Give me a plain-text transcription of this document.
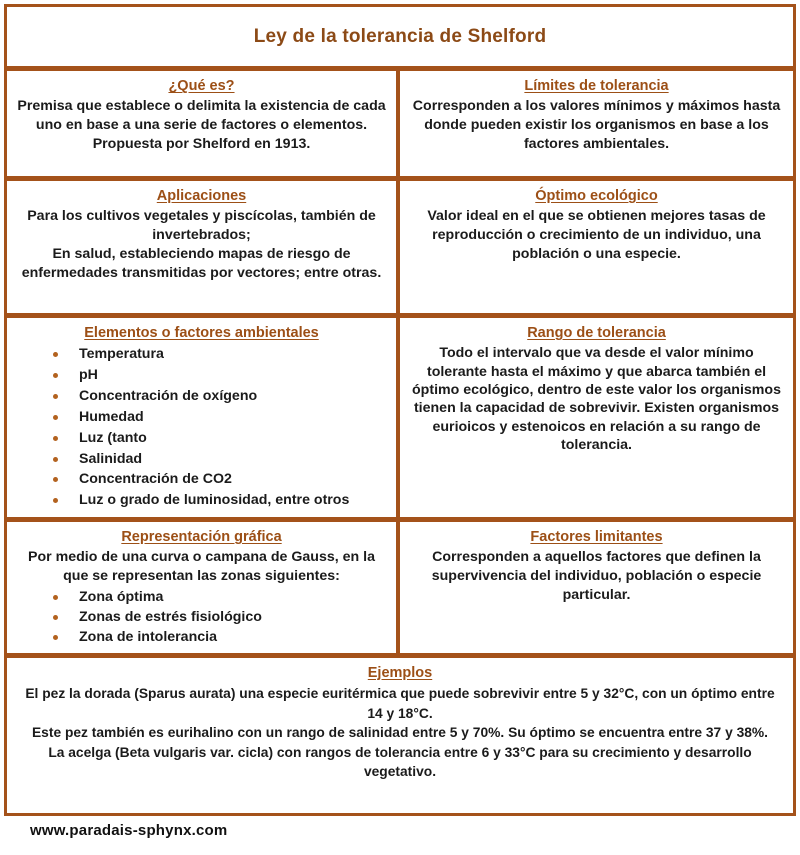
Ley de la tolerancia de Shelford
¿Qué es?
Premisa que establece o delimita la existencia de cada uno en base a una serie de factores o elementos.
Propuesta por Shelford en 1913.
Límites de tolerancia
Corresponden a los valores mínimos y máximos hasta donde pueden existir los organismos en base a los factores ambientales.
Aplicaciones
Para los cultivos vegetales y piscícolas, también de invertebrados;
En salud, estableciendo mapas de riesgo de enfermedades transmitidas por vectores; entre otras.
Óptimo ecológico
Valor ideal en el que se obtienen mejores tasas de reproducción o crecimiento de un individuo, una población o una especie.
Elementos o factores ambientales
Temperatura
pH
Concentración de oxígeno
Humedad
Luz (tanto
Salinidad
Concentración de CO2
Luz o grado de luminosidad, entre otros
Rango de tolerancia
Todo el intervalo que va desde el valor mínimo tolerante hasta el máximo y que abarca también el óptimo ecológico, dentro de este valor los organismos tienen la capacidad de sobrevivir. Existen organismos eurioicos y estenoicos en relación a su rango de tolerancia.
Representación gráfica
Por medio de una curva o campana de Gauss, en la que se representan las zonas siguientes:
Zona óptima
Zonas de estrés fisiológico
Zona de intolerancia
Factores limitantes
Corresponden a aquellos factores que definen la supervivencia del individuo, población o especie particular.
Ejemplos

El pez la dorada (Sparus aurata) una especie euritérmica que puede sobrevivir entre 5 y 32°C, con un óptimo entre 14 y 18°C.

Este pez también es eurihalino con un rango de salinidad entre 5 y 70%. Su óptimo se encuentra entre 37 y 38%.

La acelga (Beta vulgaris var. cicla) con rangos de tolerancia entre 6 y 33°C para su crecimiento y desarrollo vegetativo.

www.paradais-sphynx.com
